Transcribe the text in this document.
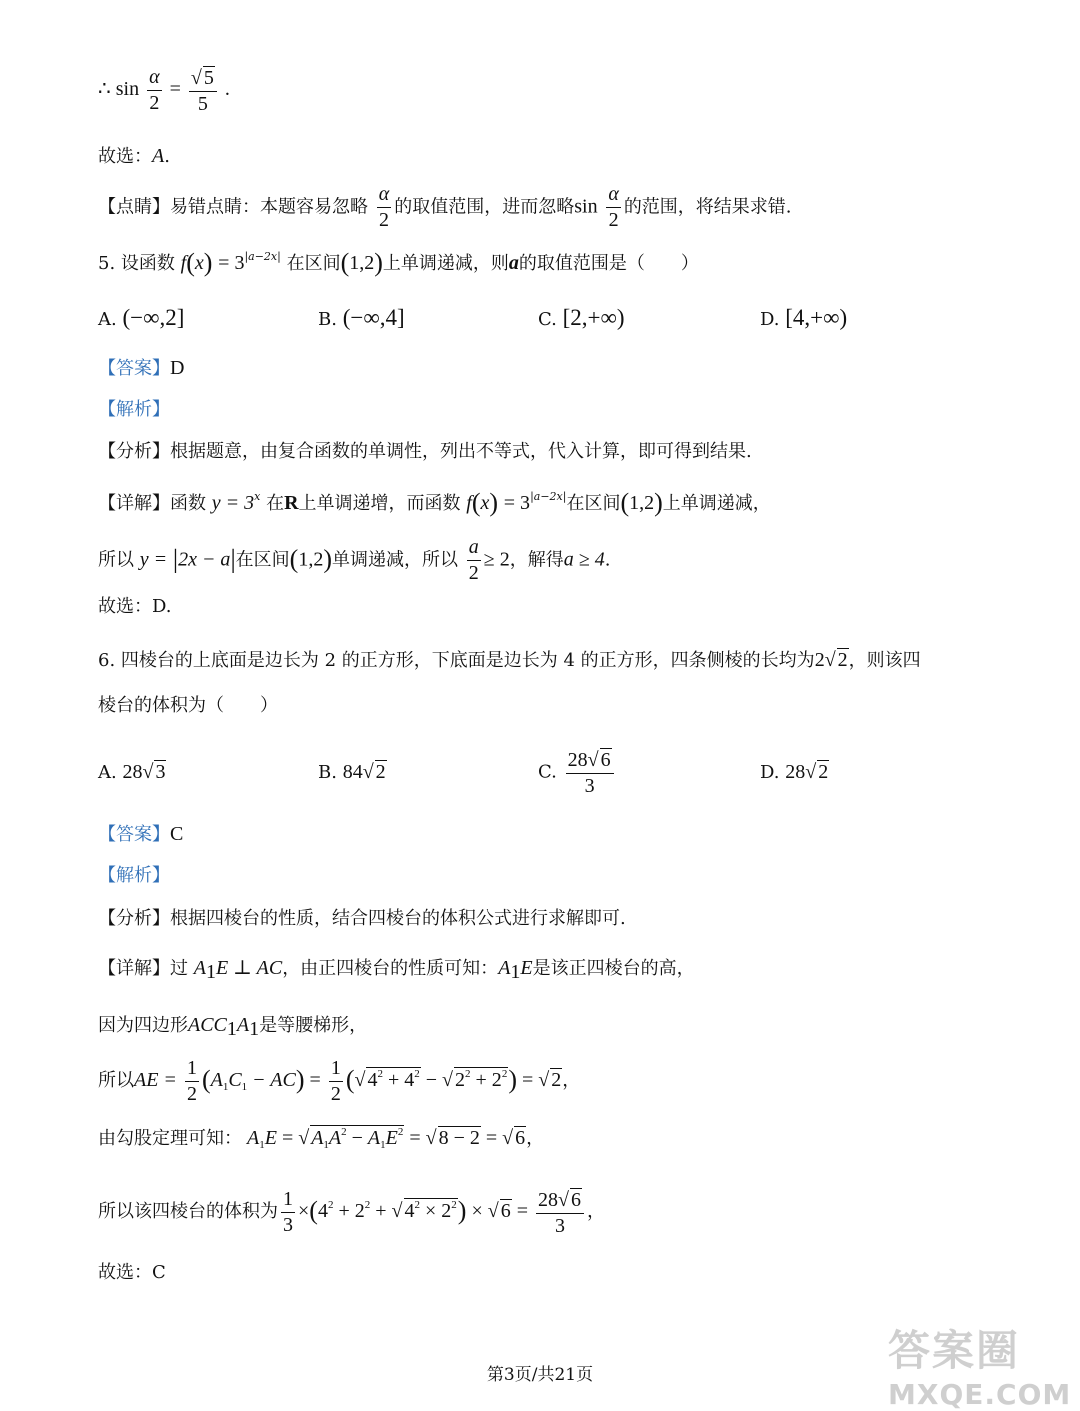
∴ $\sin \frac{\alpha}{2} = \frac{√ 5}{5}$ .
故选：A.
【点睛】易错点睛：本题容易忽略 $\frac{\alpha}{2}$ 的取值范围，进而忽略$\sin \frac{\alpha}{2}$ 的范围，将结果求错.
5. 设函数 $f(x) = 3^{|a-2x|}$ 在区间(1,2)上单调递减，则a的取值范围是（　　）
A. (−∞,2]	B. (−∞,4]	C. [2,+∞)	D. [4,+∞)
【答案】D
【解析】
【分析】根据题意，由复合函数的单调性，列出不等式，代入计算，即可得到结果.
【详解】函数 $y = 3^x$ 在R上单调递增，而函数 $f(x) = 3^{|a-2x|}$在区间(1,2)上单调递减，
所以 y = |2x − a|在区间(1,2)单调递减，所以 $\frac{a}{2} \ge 2$，解得a ≥ 4.
故选：D.
6. 四棱台的上底面是边长为 2 的正方形，下底面是边长为 4 的正方形，四条侧棱的长均为2√ 2，则该四
棱台的体积为（　　）
A. 28√ 3	B. 84√ 2	C. $\frac{28√ 6}{3}$	D. 28√ 2
【答案】C
【解析】
【分析】根据四棱台的性质，结合四棱台的体积公式进行求解即可.
【详解】过 $A_1E$ ⊥ AC，由正四棱台的性质可知：$A_1E$是该正四棱台的高，
因为四边形$ACC_1A_1$是等腰梯形，
所以AE = $\frac{1}{2} (A_1C_1 - AC) = \frac{1}{2}$ (√ $4^2 + 4^2$ − √ $2^2 + 2^2$) = √ 2，
由勾股定理可知： $A_1E$ = √ $A_1A^2 - A_1E^2$ = √ 8 − 2 = √ 6，
所以该四棱台的体积为 $\frac{1}{3} \times(4^2 + 2^2$ + √ $4^2 \times 2^2$) × √ $6 = \frac{28√ 6}{3}$ ，
故选：C
第3页/共21页	答案圈
MXQE.COM
